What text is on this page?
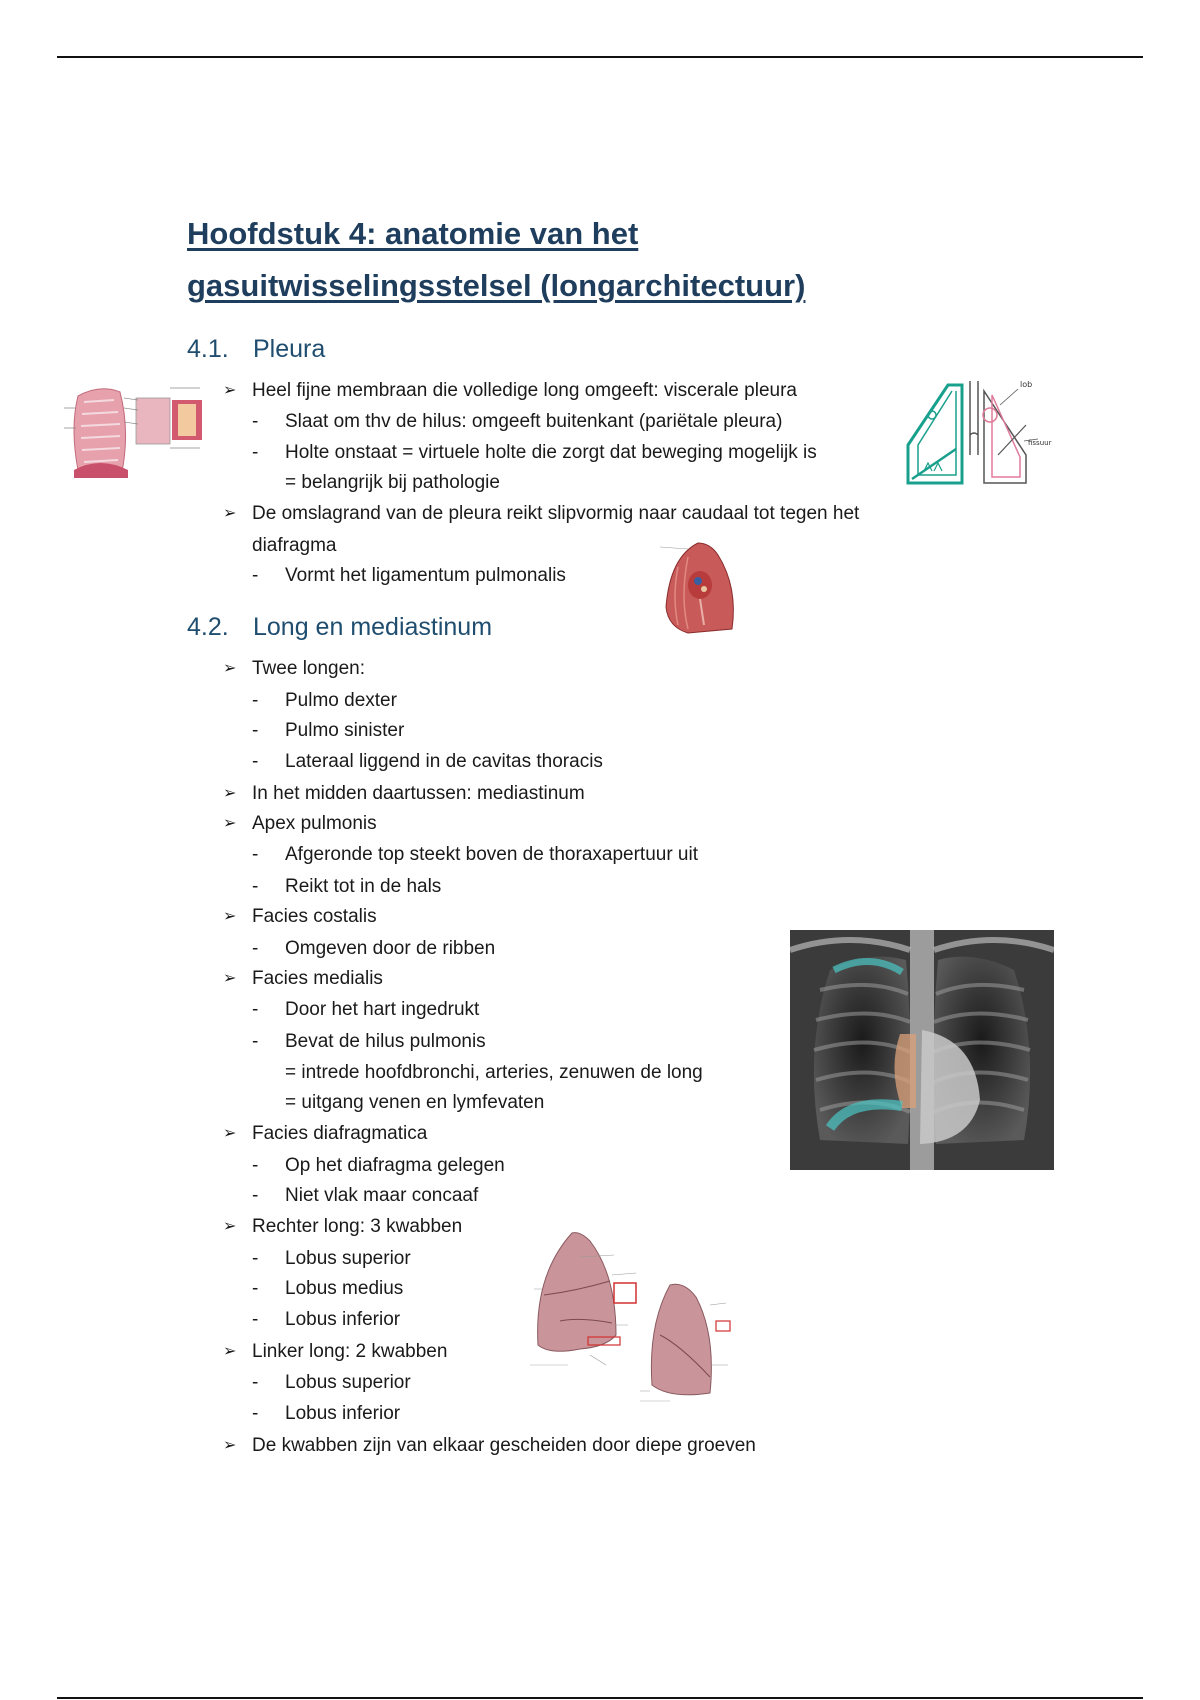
Hoofdstuk 4: anatomie van het
gasuitwisselingsstelsel (longarchitectuur)
4.1. Pleura
➢ Heel fijne membraan die volledige long omgeeft: viscerale pleura
-	Slaat om thv de hilus: omgeeft buitenkant (pariëtale pleura)
-	Holte onstaat = virtuele holte die zorgt dat beweging mogelijk is
= belangrijk bij pathologie
➢ De omslagrand van de pleura reikt slipvormig naar caudaal tot tegen het
diafragma
-	Vormt het ligamentum pulmonalis
4.2. Long en mediastinum
➢ Twee longen:
-	Pulmo dexter
-	Pulmo sinister
-	Lateraal liggend in de cavitas thoracis
➢ In het midden daartussen: mediastinum
➢ Apex pulmonis
-	Afgeronde top steekt boven de thoraxapertuur uit
-	Reikt tot in de hals
➢ Facies costalis
-	Omgeven door de ribben
➢ Facies medialis
-	Door het hart ingedrukt
-	Bevat de hilus pulmonis
= intrede hoofdbronchi, arteries, zenuwen de long
= uitgang venen en lymfevaten
➢ Facies diafragmatica
-	Op het diafragma gelegen
-	Niet vlak maar concaaf
➢ Rechter long: 3 kwabben
-	Lobus superior
-	Lobus medius
-	Lobus inferior
➢ Linker long: 2 kwabben
-	Lobus superior
-	Lobus inferior
➢ De kwabben zijn van elkaar gescheiden door diepe groeven
lob
fissuur
